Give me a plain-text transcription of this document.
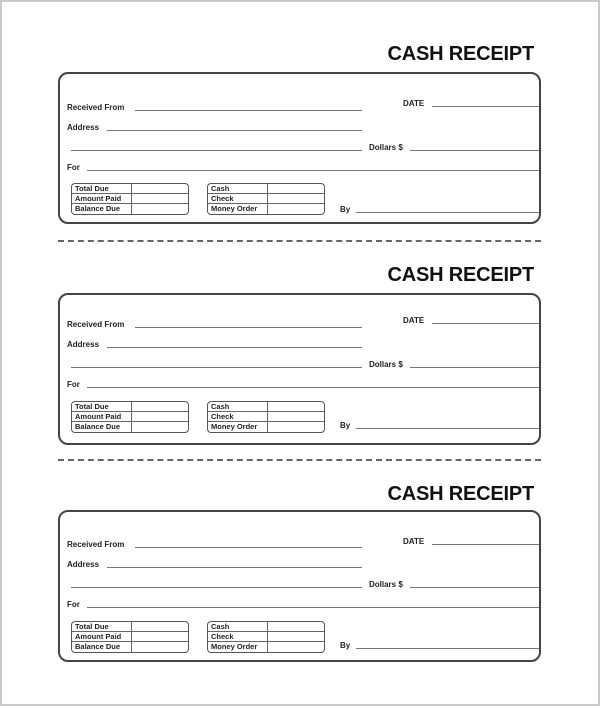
CASH RECEIPT
Received From	DATE
Address
Dollars $
For
Total Due
Amount Paid
Balance Due
Cash
Check
Money Order	By
CASH RECEIPT
Received From	DATE
Address
Dollars $
For
Total Due
Amount Paid
Balance Due
Cash
Check
Money Order	By
CASH RECEIPT
Received From	DATE
Address
Dollars $
For
Total Due
Amount Paid
Balance Due
Cash
Check
Money Order	By
